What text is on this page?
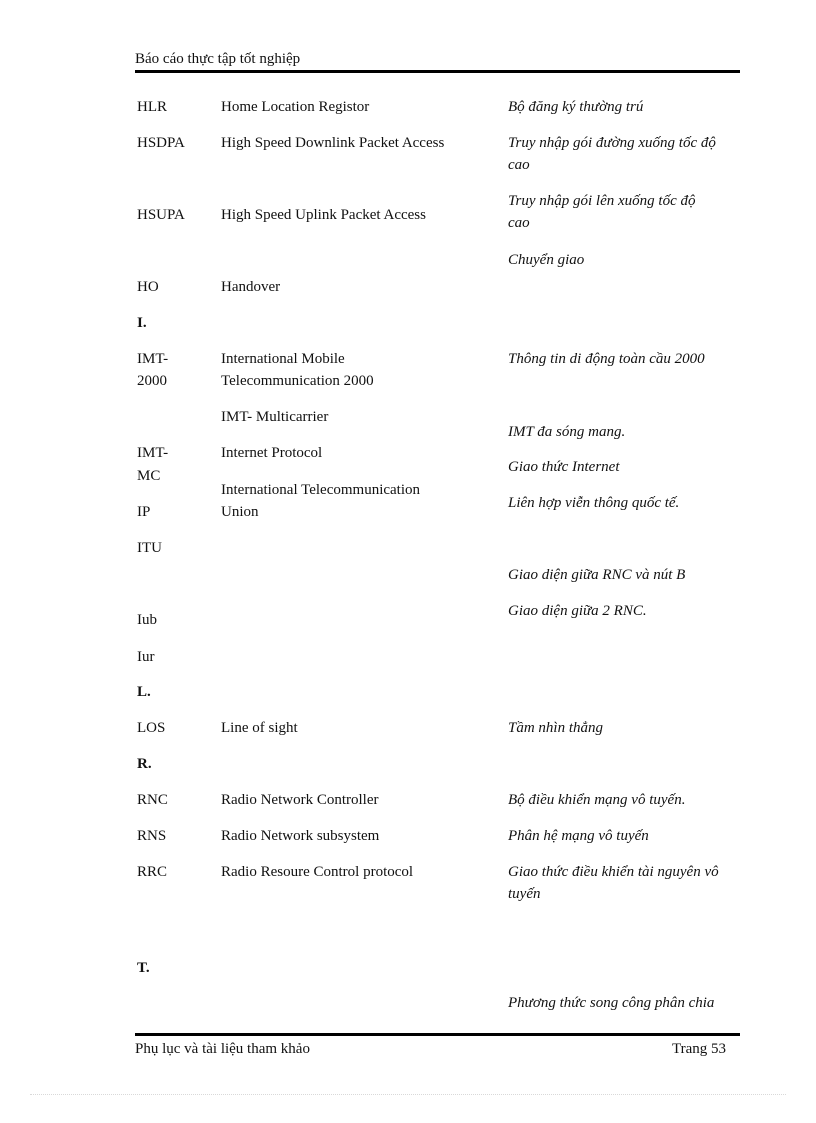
Báo cáo thực tập tốt nghiệp
HLR
HSDPA
HSUPA
HO
I.
IMT-
2000
IMT-
MC
IP
ITU
Iub
Iur
L.
LOS
R.
RNC
RNS
RRC
T.
Home Location Registor
High Speed Downlink Packet Access
High Speed Uplink Packet Access
Handover
International Mobile
Telecommunication 2000
IMT- Multicarrier
Internet Protocol
International Telecommunication
Union
Line of sight
Radio Network Controller
Radio Network subsystem
Radio Resoure Control protocol
Bộ đăng ký thường trú
Truy nhập gói đường xuống tốc độ
cao
Truy nhập gói lên xuống tốc độ
cao
Chuyển giao
Thông tin di động toàn cầu 2000
IMT đa sóng mang.
Giao thức Internet
Liên hợp viễn thông quốc tế.
Giao diện giữa RNC và nút B
Giao diện giữa 2 RNC.
Tầm nhìn thẳng
Bộ điều khiển mạng vô tuyến.
Phân hệ mạng vô tuyến
Giao thức điều khiển tài nguyên vô
tuyến
Phương thức song công phân chia
Phụ lục và tài liệu tham khảo	Trang 53
